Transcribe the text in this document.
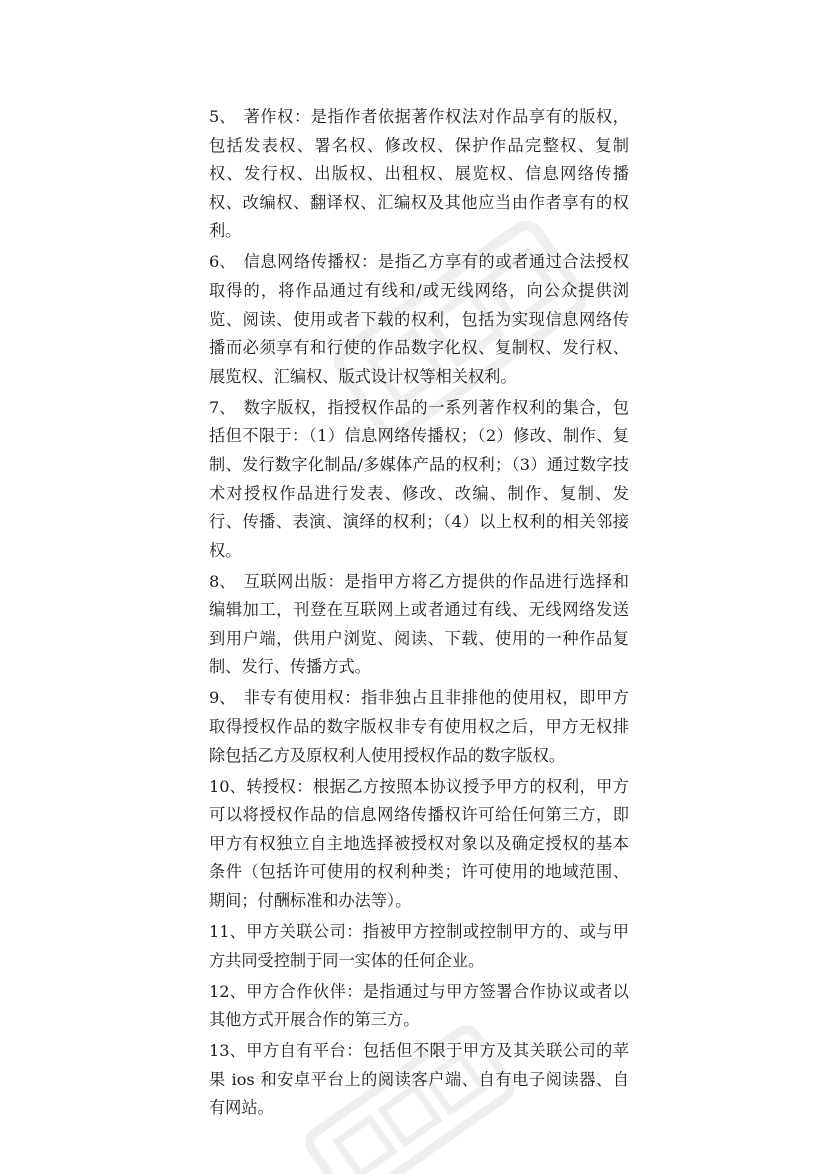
5、 著作权：是指作者依据著作权法对作品享有的版权，包括发表权、署名权、修改权、保护作品完整权、复制权、发行权、出版权、出租权、展览权、信息网络传播权、改编权、翻译权、汇编权及其他应当由作者享有的权利。

6、 信息网络传播权：是指乙方享有的或者通过合法授权取得的，将作品通过有线和/或无线网络，向公众提供浏览、阅读、使用或者下载的权利，包括为实现信息网络传播而必须享有和行使的作品数字化权、复制权、发行权、展览权、汇编权、版式设计权等相关权利。

7、 数字版权，指授权作品的一系列著作权利的集合，包括但不限于：（1）信息网络传播权；（2）修改、制作、复制、发行数字化制品/多媒体产品的权利；（3）通过数字技术对授权作品进行发表、修改、改编、制作、复制、发行、传播、表演、演绎的权利；（4）以上权利的相关邻接权。

8、 互联网出版：是指甲方将乙方提供的作品进行选择和编辑加工，刊登在互联网上或者通过有线、无线网络发送到用户端，供用户浏览、阅读、下载、使用的一种作品复制、发行、传播方式。

9、 非专有使用权：指非独占且非排他的使用权，即甲方取得授权作品的数字版权非专有使用权之后，甲方无权排除包括乙方及原权利人使用授权作品的数字版权。

10、转授权：根据乙方按照本协议授予甲方的权利，甲方可以将授权作品的信息网络传播权许可给任何第三方，即甲方有权独立自主地选择被授权对象以及确定授权的基本条件（包括许可使用的权利种类；许可使用的地域范围、期间；付酬标准和办法等）。

11、甲方关联公司：指被甲方控制或控制甲方的、或与甲方共同受控制于同一实体的任何企业。

12、甲方合作伙伴：是指通过与甲方签署合作协议或者以其他方式开展合作的第三方。

13、甲方自有平台：包括但不限于甲方及其关联公司的苹果 ios 和安卓平台上的阅读客户端、自有电子阅读器、自有网站。
